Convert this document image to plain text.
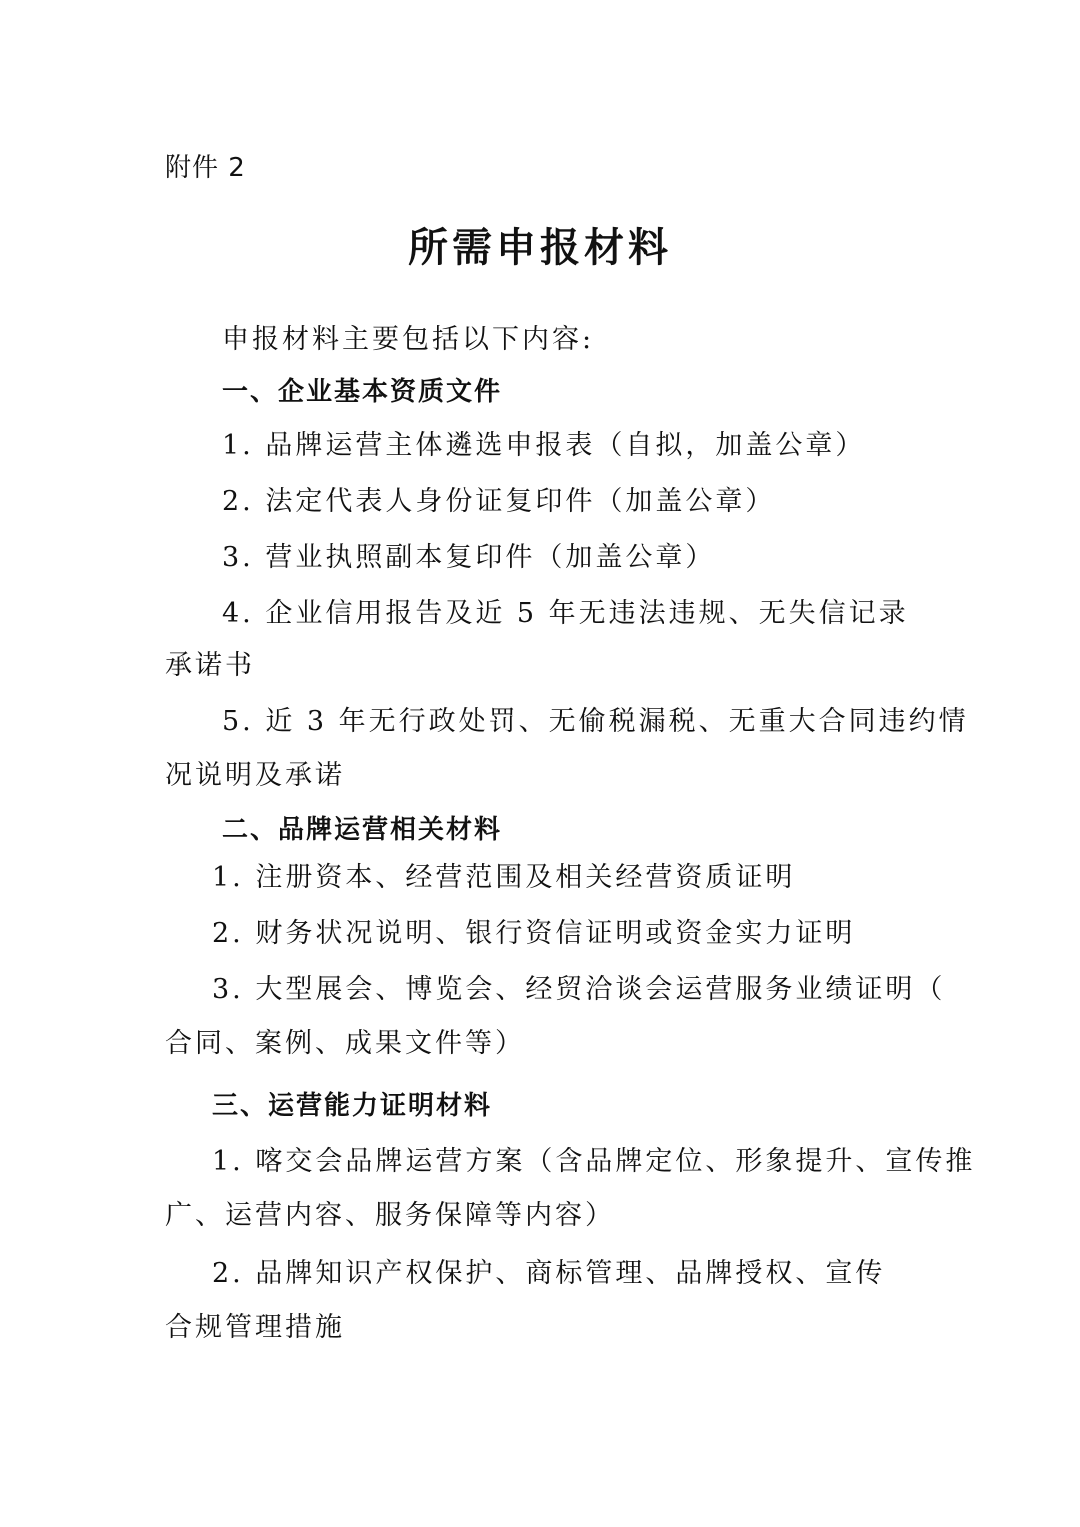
附件 2
所需申报材料
申报材料主要包括以下内容:
一、企业基本资质文件
1. 品牌运营主体遴选申报表（自拟，加盖公章）
2. 法定代表人身份证复印件（加盖公章）
3. 营业执照副本复印件（加盖公章）
4. 企业信用报告及近 5 年无违法违规、无失信记录
承诺书
5. 近 3 年无行政处罚、无偷税漏税、无重大合同违约情
况说明及承诺
二、品牌运营相关材料
1. 注册资本、经营范围及相关经营资质证明
2. 财务状况说明、银行资信证明或资金实力证明
3. 大型展会、博览会、经贸洽谈会运营服务业绩证明（
合同、案例、成果文件等）
三、运营能力证明材料
1. 喀交会品牌运营方案（含品牌定位、形象提升、宣传推
广、运营内容、服务保障等内容）
2. 品牌知识产权保护、商标管理、品牌授权、宣传
合规管理措施
